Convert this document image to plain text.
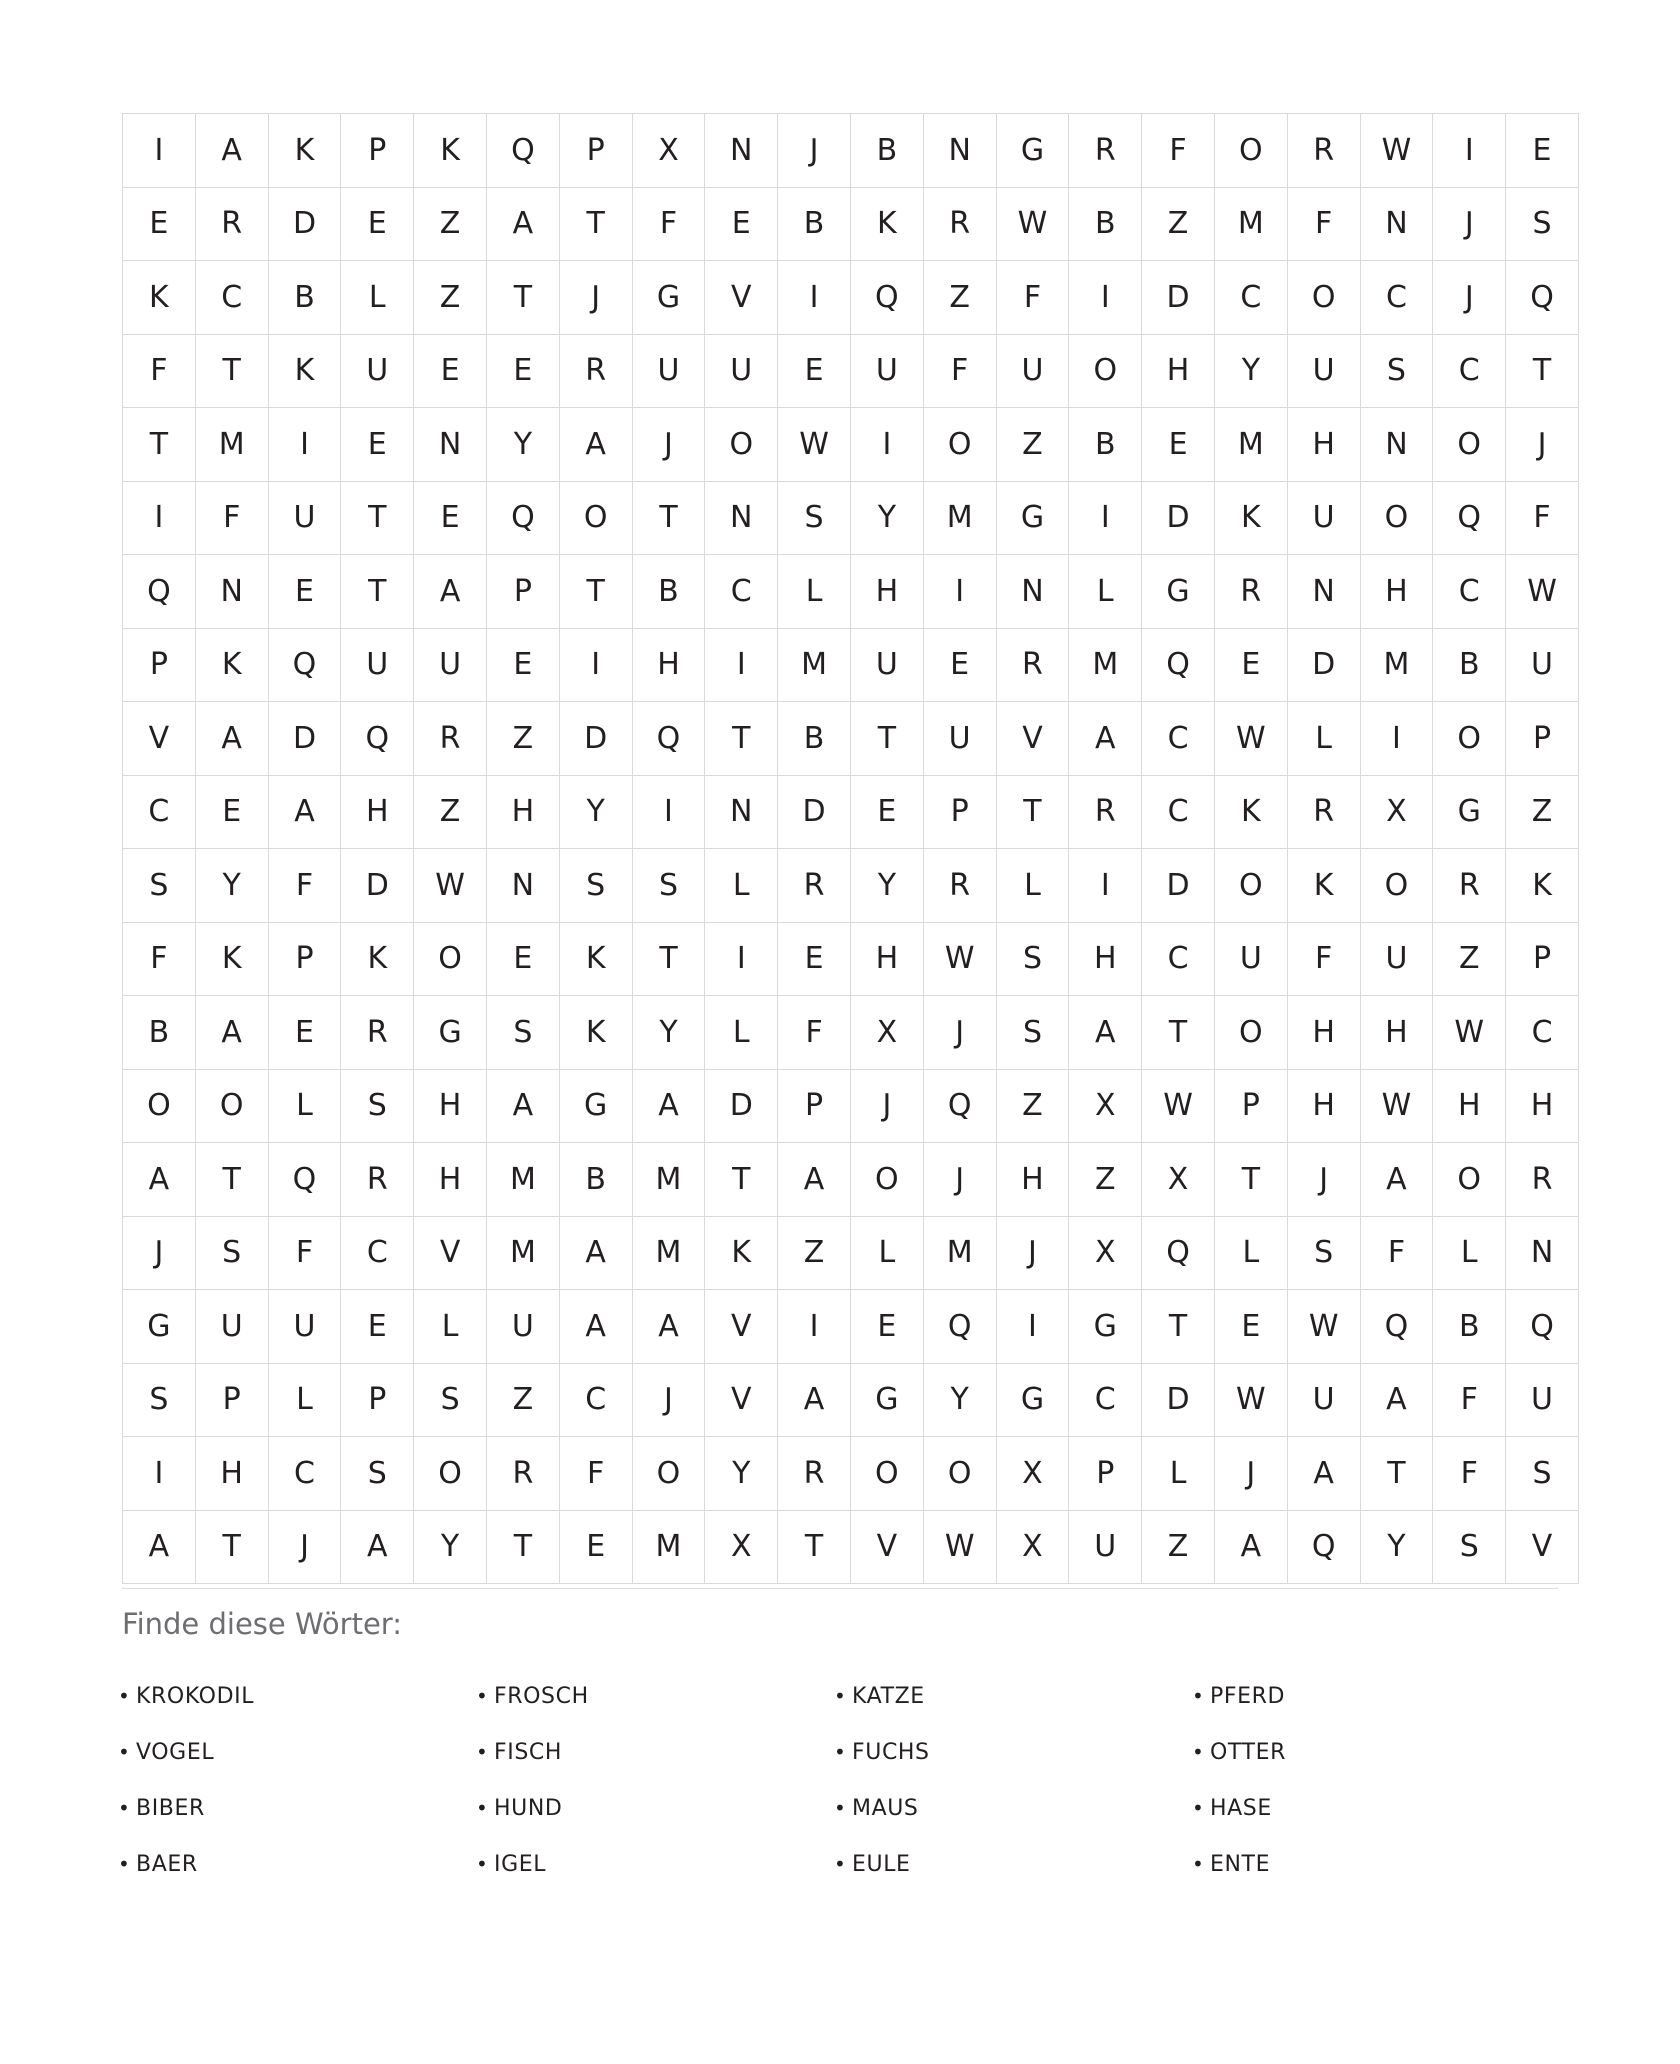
I	A	K	P	K	Q	P	X	N	J	B	N	G	R	F	O	R	W	I	E
E	R	D	E	Z	A	T	F	E	B	K	R	W	B	Z	M	F	N	J	S
K	C	B	L	Z	T	J	G	V	I	Q	Z	F	I	D	C	O	C	J	Q
F	T	K	U	E	E	R	U	U	E	U	F	U	O	H	Y	U	S	C	T
T	M	I	E	N	Y	A	J	O	W	I	O	Z	B	E	M	H	N	O	J
I	F	U	T	E	Q	O	T	N	S	Y	M	G	I	D	K	U	O	Q	F
Q	N	E	T	A	P	T	B	C	L	H	I	N	L	G	R	N	H	C	W
P	K	Q	U	U	E	I	H	I	M	U	E	R	M	Q	E	D	M	B	U
V	A	D	Q	R	Z	D	Q	T	B	T	U	V	A	C	W	L	I	O	P
C	E	A	H	Z	H	Y	I	N	D	E	P	T	R	C	K	R	X	G	Z
S	Y	F	D	W	N	S	S	L	R	Y	R	L	I	D	O	K	O	R	K
F	K	P	K	O	E	K	T	I	E	H	W	S	H	C	U	F	U	Z	P
B	A	E	R	G	S	K	Y	L	F	X	J	S	A	T	O	H	H	W	C
O	O	L	S	H	A	G	A	D	P	J	Q	Z	X	W	P	H	W	H	H
A	T	Q	R	H	M	B	M	T	A	O	J	H	Z	X	T	J	A	O	R
J	S	F	C	V	M	A	M	K	Z	L	M	J	X	Q	L	S	F	L	N
G	U	U	E	L	U	A	A	V	I	E	Q	I	G	T	E	W	Q	B	Q
S	P	L	P	S	Z	C	J	V	A	G	Y	G	C	D	W	U	A	F	U
I	H	C	S	O	R	F	O	Y	R	O	O	X	P	L	J	A	T	F	S
A	T	J	A	Y	T	E	M	X	T	V	W	X	U	Z	A	Q	Y	S	V
Finde diese Wörter:
• KROKODIL
• VOGEL
• BIBER
• BAER
• FROSCH
• FISCH
• HUND
• IGEL
• KATZE
• FUCHS
• MAUS
• EULE
• PFERD
• OTTER
• HASE
• ENTE
